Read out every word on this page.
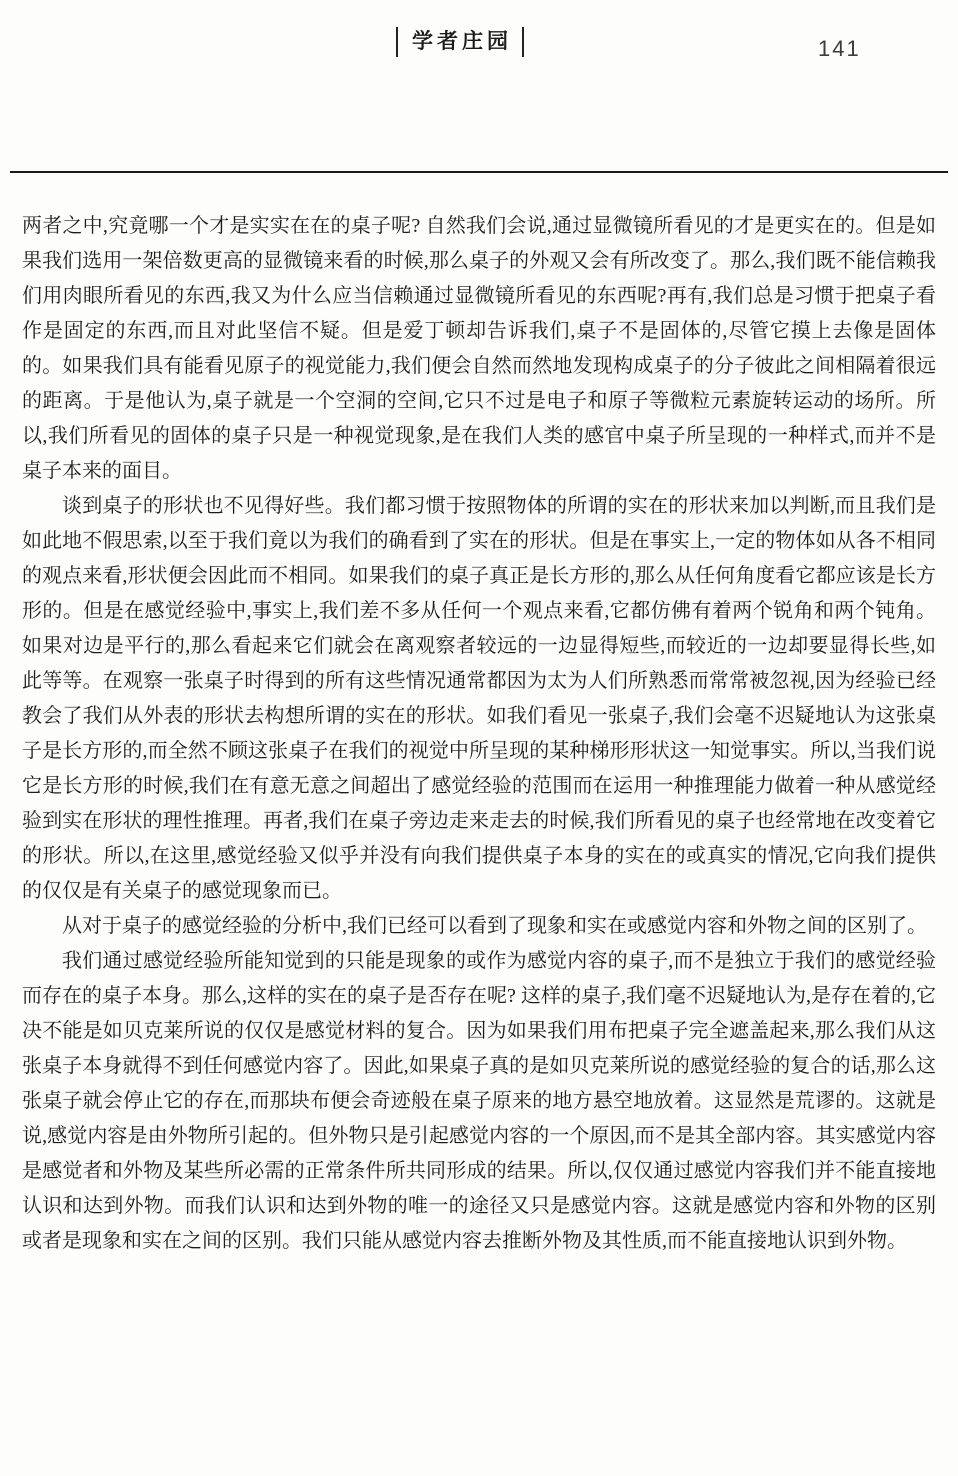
学者庄园	141

两者之中,究竟哪一个才是实实在在的桌子呢? 自然我们会说,通过显微镜所看见的才是更实在的。但是如果我们选用一架倍数更高的显微镜来看的时候,那么桌子的外观又会有所改变了。那么,我们既不能信赖我们用肉眼所看见的东西,我又为什么应当信赖通过显微镜所看见的东西呢?再有,我们总是习惯于把桌子看作是固定的东西,而且对此坚信不疑。但是爱丁顿却告诉我们,桌子不是固体的,尽管它摸上去像是固体的。如果我们具有能看见原子的视觉能力,我们便会自然而然地发现构成桌子的分子彼此之间相隔着很远的距离。于是他认为,桌子就是一个空洞的空间,它只不过是电子和原子等微粒元素旋转运动的场所。所以,我们所看见的固体的桌子只是一种视觉现象,是在我们人类的感官中桌子所呈现的一种样式,而并不是桌子本来的面目。

谈到桌子的形状也不见得好些。我们都习惯于按照物体的所谓的实在的形状来加以判断,而且我们是如此地不假思索,以至于我们竟以为我们的确看到了实在的形状。但是在事实上,一定的物体如从各不相同的观点来看,形状便会因此而不相同。如果我们的桌子真正是长方形的,那么从任何角度看它都应该是长方形的。但是在感觉经验中,事实上,我们差不多从任何一个观点来看,它都仿佛有着两个锐角和两个钝角。如果对边是平行的,那么看起来它们就会在离观察者较远的一边显得短些,而较近的一边却要显得长些,如此等等。在观察一张桌子时得到的所有这些情况通常都因为太为人们所熟悉而常常被忽视,因为经验已经教会了我们从外表的形状去构想所谓的实在的形状。如我们看见一张桌子,我们会毫不迟疑地认为这张桌子是长方形的,而全然不顾这张桌子在我们的视觉中所呈现的某种梯形形状这一知觉事实。所以,当我们说它是长方形的时候,我们在有意无意之间超出了感觉经验的范围而在运用一种推理能力做着一种从感觉经验到实在形状的理性推理。再者,我们在桌子旁边走来走去的时候,我们所看见的桌子也经常地在改变着它的形状。所以,在这里,感觉经验又似乎并没有向我们提供桌子本身的实在的或真实的情况,它向我们提供的仅仅是有关桌子的感觉现象而已。

从对于桌子的感觉经验的分析中,我们已经可以看到了现象和实在或感觉内容和外物之间的区别了。

我们通过感觉经验所能知觉到的只能是现象的或作为感觉内容的桌子,而不是独立于我们的感觉经验而存在的桌子本身。那么,这样的实在的桌子是否存在呢? 这样的桌子,我们毫不迟疑地认为,是存在着的,它决不能是如贝克莱所说的仅仅是感觉材料的复合。因为如果我们用布把桌子完全遮盖起来,那么我们从这张桌子本身就得不到任何感觉内容了。因此,如果桌子真的是如贝克莱所说的感觉经验的复合的话,那么这张桌子就会停止它的存在,而那块布便会奇迹般在桌子原来的地方悬空地放着。这显然是荒谬的。这就是说,感觉内容是由外物所引起的。但外物只是引起感觉内容的一个原因,而不是其全部内容。其实感觉内容是感觉者和外物及某些所必需的正常条件所共同形成的结果。所以,仅仅通过感觉内容我们并不能直接地认识和达到外物。而我们认识和达到外物的唯一的途径又只是感觉内容。这就是感觉内容和外物的区别或者是现象和实在之间的区别。我们只能从感觉内容去推断外物及其性质,而不能直接地认识到外物。
